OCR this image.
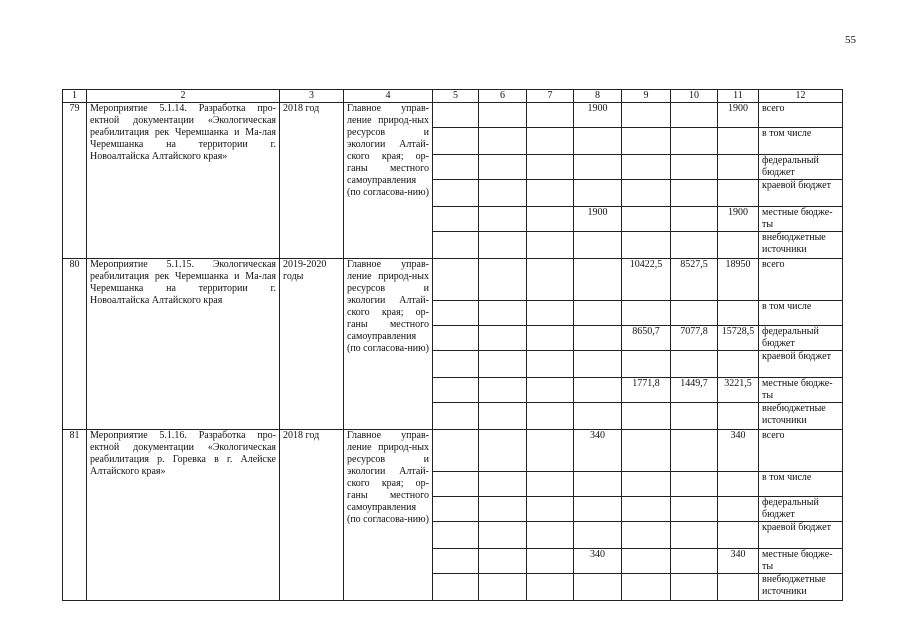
55
1	2	3	4	5	6	7	8	9	10	11	12
79	Мероприятие 5.1.14. Разработка про-ектной документации «Экологическая реабилитация рек Черемшанка и Ма-лая Черемшанка на территории г. Новоалтайска Алтайского края»	2018 год	Главное управ-ление природ-ных ресурсов и экологии Алтай-ского края; ор-ганы местного самоуправления (по согласова-нию)				1900			1900	всего
											в том числе
											федеральный бюджет
											краевой бюджет
							1900			1900	местные бюдже-ты
											внебюджетные источники
80	Мероприятие 5.1.15. Экологическая реабилитация рек Черемшанка и Ма-лая Черемшанка на территории г. Новоалтайска Алтайского края	2019-2020 годы	Главное управ-ление природ-ных ресурсов и экологии Алтай-ского края; ор-ганы местного самоуправления (по согласова-нию)					10422,5	8527,5	18950	всего
											в том числе
								8650,7	7077,8	15728,5	федеральный бюджет
											краевой бюджет
								1771,8	1449,7	3221,5	местные бюдже-ты
											внебюджетные источники
81	Мероприятие 5.1.16. Разработка про-ектной документации «Экологическая реабилитация р. Горевка в г. Алейске Алтайского края»	2018 год	Главное управ-ление природ-ных ресурсов и экологии Алтай-ского края; ор-ганы местного самоуправления (по согласова-нию)				340			340	всего
											в том числе
											федеральный бюджет
											краевой бюджет
							340			340	местные бюдже-ты
											внебюджетные источники
